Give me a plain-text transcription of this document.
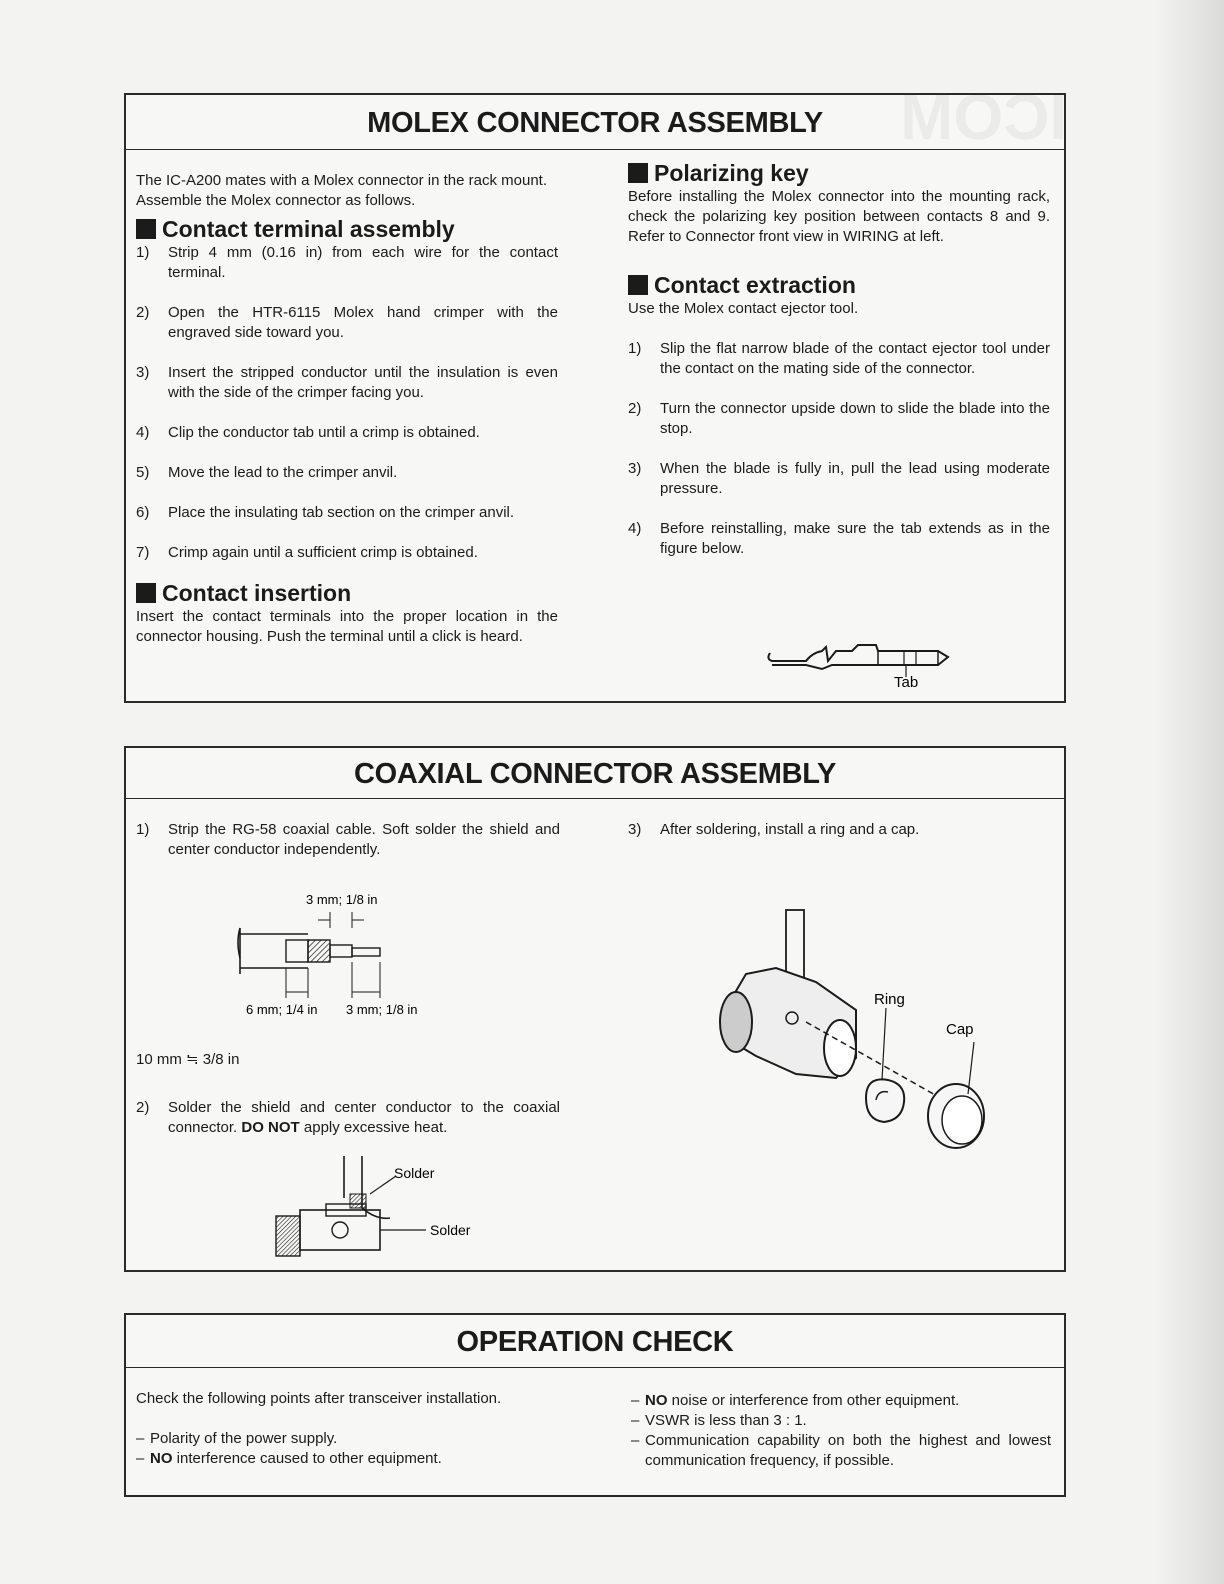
ICOM
MOLEX CONNECTOR ASSEMBLY
The IC-A200 mates with a Molex connector in the rack mount. Assemble the Molex connector as follows.
Contact terminal assembly
1)	Strip 4 mm (0.16 in) from each wire for the contact terminal.
2)	Open the HTR-6115 Molex hand crimper with the engraved side toward you.
3)	Insert the stripped conductor until the insulation is even with the side of the crimper facing you.
4)	Clip the conductor tab until a crimp is obtained.
5)	Move the lead to the crimper anvil.
6)	Place the insulating tab section on the crimper anvil.
7)	Crimp again until a sufficient crimp is obtained.
Contact insertion
Insert the contact terminals into the proper location in the connector housing. Push the terminal until a click is heard.
Polarizing key
Before installing the Molex connector into the mounting rack, check the polarizing key position between contacts 8 and 9. Refer to Connector front view in WIRING at left.
Contact extraction
Use the Molex contact ejector tool.
1)	Slip the flat narrow blade of the contact ejector tool under the contact on the mating side of the connector.
2)	Turn the connector upside down to slide the blade into the stop.
3)	When the blade is fully in, pull the lead using moderate pressure.
4)	Before reinstalling, make sure the tab extends as in the figure below.
Tab
COAXIAL CONNECTOR ASSEMBLY
1)	Strip the RG-58 coaxial cable. Soft solder the shield and center conductor independently.
3 mm; 1/8 in
6 mm; 1/4 in 3 mm; 1/8 in
10 mm ≒ 3/8 in
2)	Solder the shield and center conductor to the coaxial connector. DO NOT apply excessive heat.
Solder
Solder
3)	After soldering, install a ring and a cap.
Ring
Cap
OPERATION CHECK
Check the following points after transceiver installation.
– Polarity of the power supply.
– NO interference caused to other equipment.
– NO noise or interference from other equipment.
– VSWR is less than 3 : 1.
– Communication capability on both the highest and lowest communication frequency, if possible.
